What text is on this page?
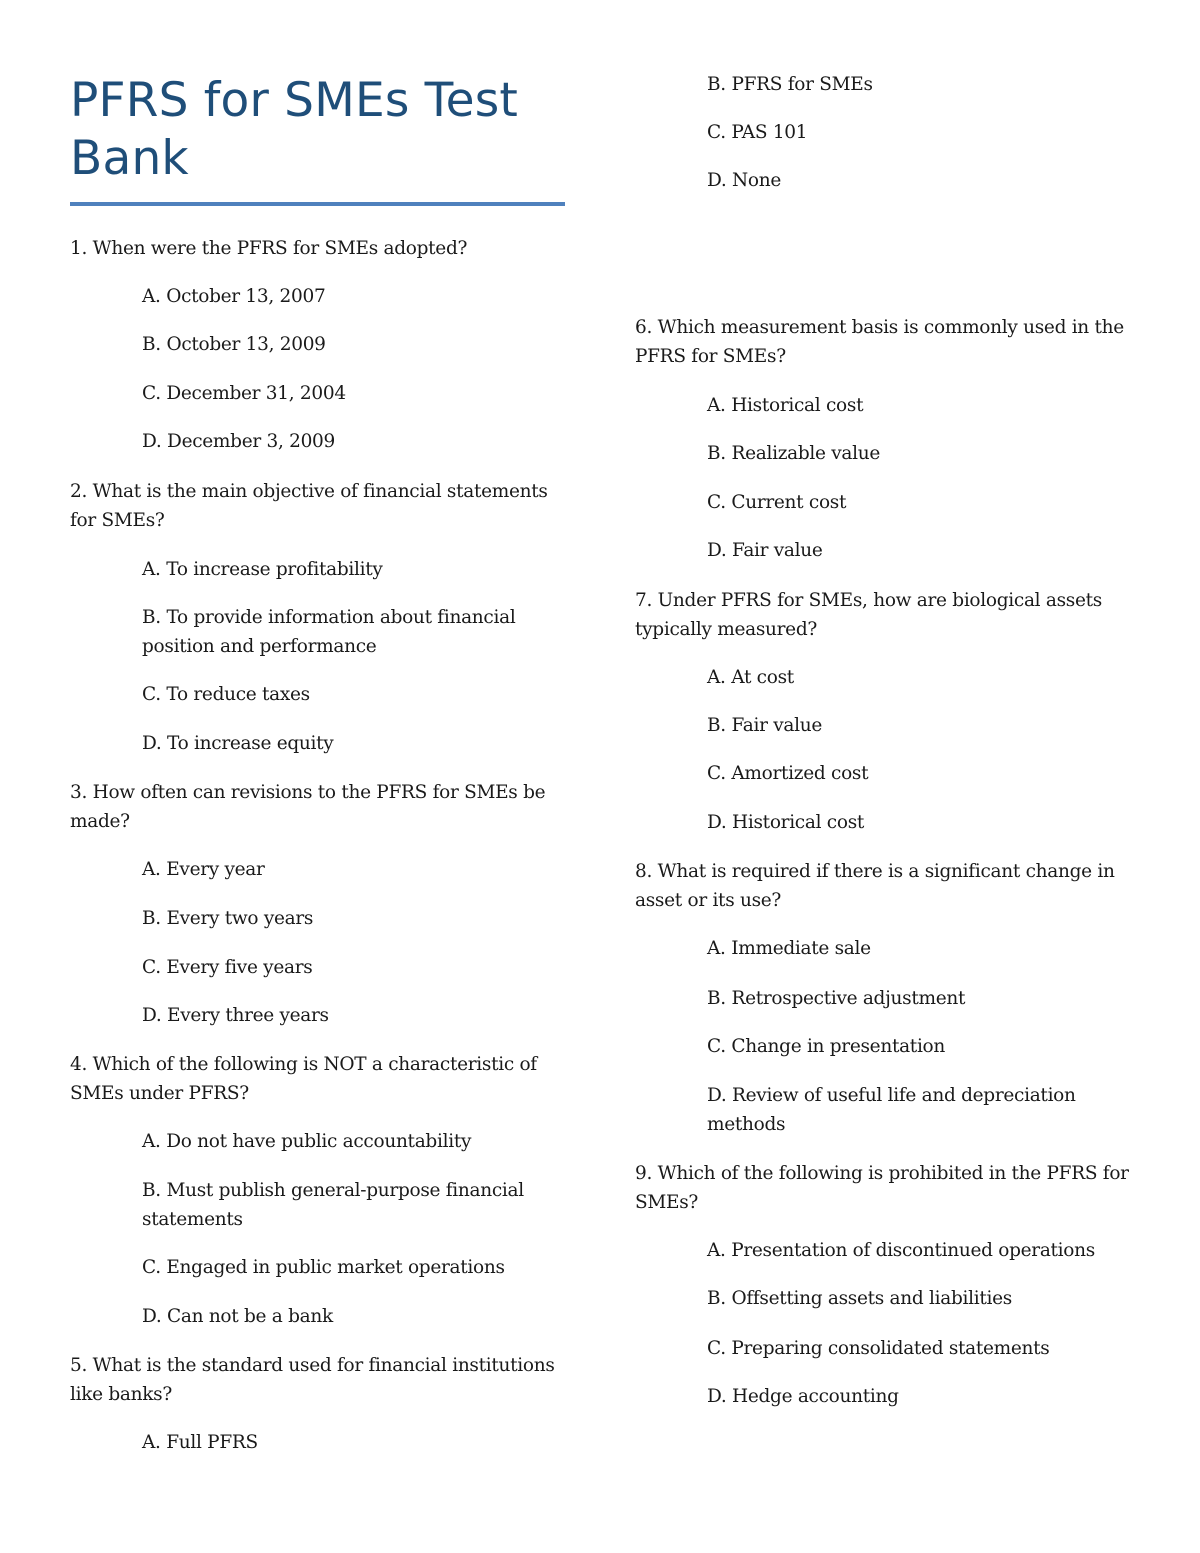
PFRS for SMEs Test Bank

1. When were the PFRS for SMEs adopted?

A. October 13, 2007

B. October 13, 2009

C. December 31, 2004

D. December 3, 2009

2. What is the main objective of financial statements for SMEs?

A. To increase profitability

B. To provide information about financial position and performance

C. To reduce taxes

D. To increase equity

3. How often can revisions to the PFRS for SMEs be made?

A. Every year

B. Every two years

C. Every five years

D. Every three years

4. Which of the following is NOT a characteristic of SMEs under PFRS?

A. Do not have public accountability

B. Must publish general-purpose financial statements

C. Engaged in public market operations

D. Can not be a bank

5. What is the standard used for financial institutions like banks?

A. Full PFRS

B. PFRS for SMEs

C. PAS 101

D. None

6. Which measurement basis is commonly used in the PFRS for SMEs?

A. Historical cost

B. Realizable value

C. Current cost

D. Fair value

7. Under PFRS for SMEs, how are biological assets typically measured?

A. At cost

B. Fair value

C. Amortized cost

D. Historical cost

8. What is required if there is a significant change in asset or its use?

A. Immediate sale

B. Retrospective adjustment

C. Change in presentation

D. Review of useful life and depreciation methods

9. Which of the following is prohibited in the PFRS for SMEs?

A. Presentation of discontinued operations

B. Offsetting assets and liabilities

C. Preparing consolidated statements

D. Hedge accounting
